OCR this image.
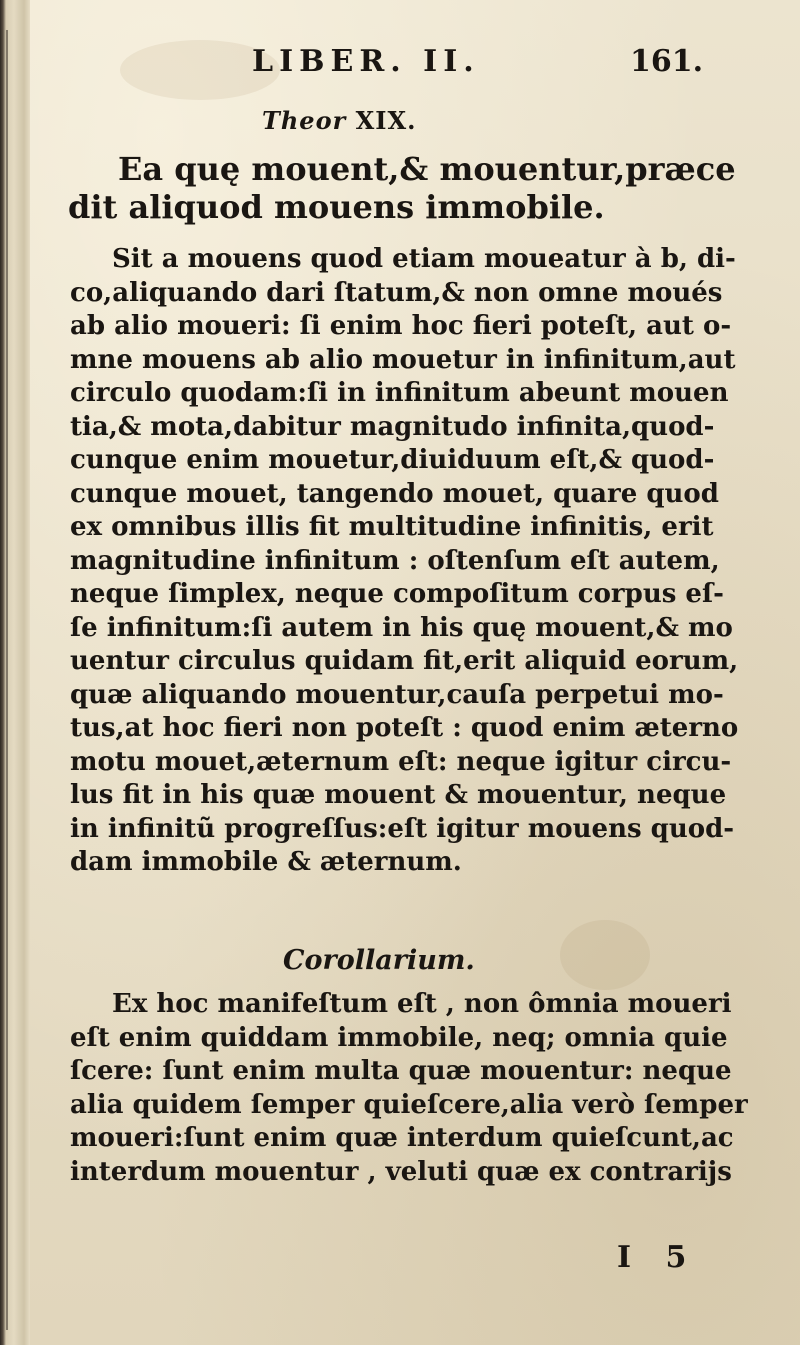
LIBER. II.	161.
Theor XIX.
Ea quę mouent,& mouentur,præce
dit aliquod mouens immobile.
Sit a mouens quod etiam moueatur à b, di-
co,aliquando dari ſtatum,& non omne moués
ab alio moueri: ſi enim hoc fieri poteſt, aut o-
mne mouens ab alio mouetur in infinitum,aut
circulo quodam:ſi in infinitum abeunt mouen
tia,& mota,dabitur magnitudo infinita,quod-
cunque enim mouetur,diuiduum eſt,& quod-
cunque mouet, tangendo mouet, quare quod
ex omnibus illis fit multitudine infinitis, erit
magnitudine infinitum : oſtenſum eſt autem,
neque ſimplex, neque compoſitum corpus eſ-
ſe infinitum:ſi autem in his quę mouent,& mo
uentur circulus quidam fit,erit aliquid eorum,
quæ aliquando mouentur,cauſa perpetui mo-
tus,at hoc fieri non poteſt : quod enim æterno
motu mouet,æternum eſt: neque igitur circu-
lus fit in his quæ mouent & mouentur, neque
in infinitũ progreſſus:eſt igitur mouens quod-
dam immobile & æternum.
Corollarium.
Ex hoc manifeſtum eſt , non ômnia moueri
eſt enim quiddam immobile, neq; omnia quie
ſcere: ſunt enim multa quæ mouentur: neque
alia quidem ſemper quieſcere,alia verò ſemper
moueri:ſunt enim quæ interdum quieſcunt,ac
interdum mouentur , veluti quæ ex contrarijs
I 5
